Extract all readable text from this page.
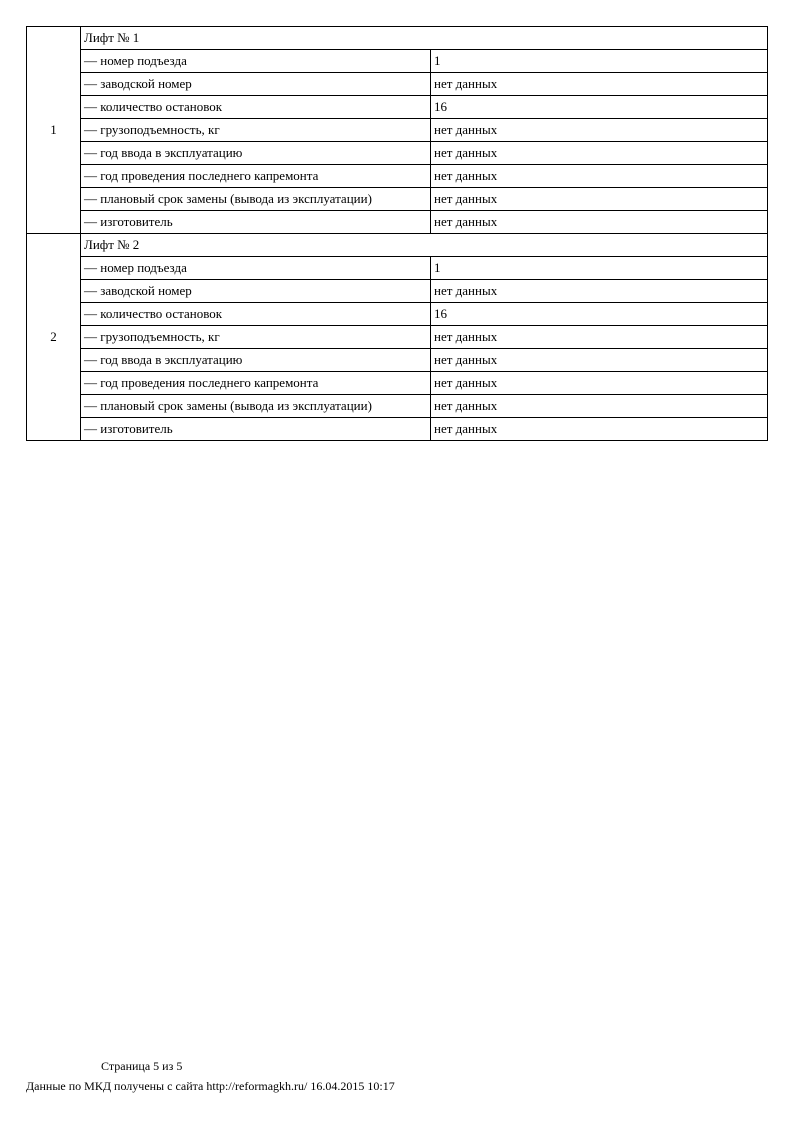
1	Лифт № 1	
	— номер подъезда	1
	— заводской номер	нет данных
	— количество остановок	16
	— грузоподъемность, кг	нет данных
	— год ввода в эксплуатацию	нет данных
	— год проведения последнего капремонта	нет данных
	— плановый срок замены (вывода из эксплуатации)	нет данных
	— изготовитель	нет данных
2	Лифт № 2	
	— номер подъезда	1
	— заводской номер	нет данных
	— количество остановок	16
	— грузоподъемность, кг	нет данных
	— год ввода в эксплуатацию	нет данных
	— год проведения последнего капремонта	нет данных
	— плановый срок замены (вывода из эксплуатации)	нет данных
	— изготовитель	нет данных
Страница 5 из 5
Данные по МКД получены с сайта http://reformagkh.ru/ 16.04.2015 10:17
